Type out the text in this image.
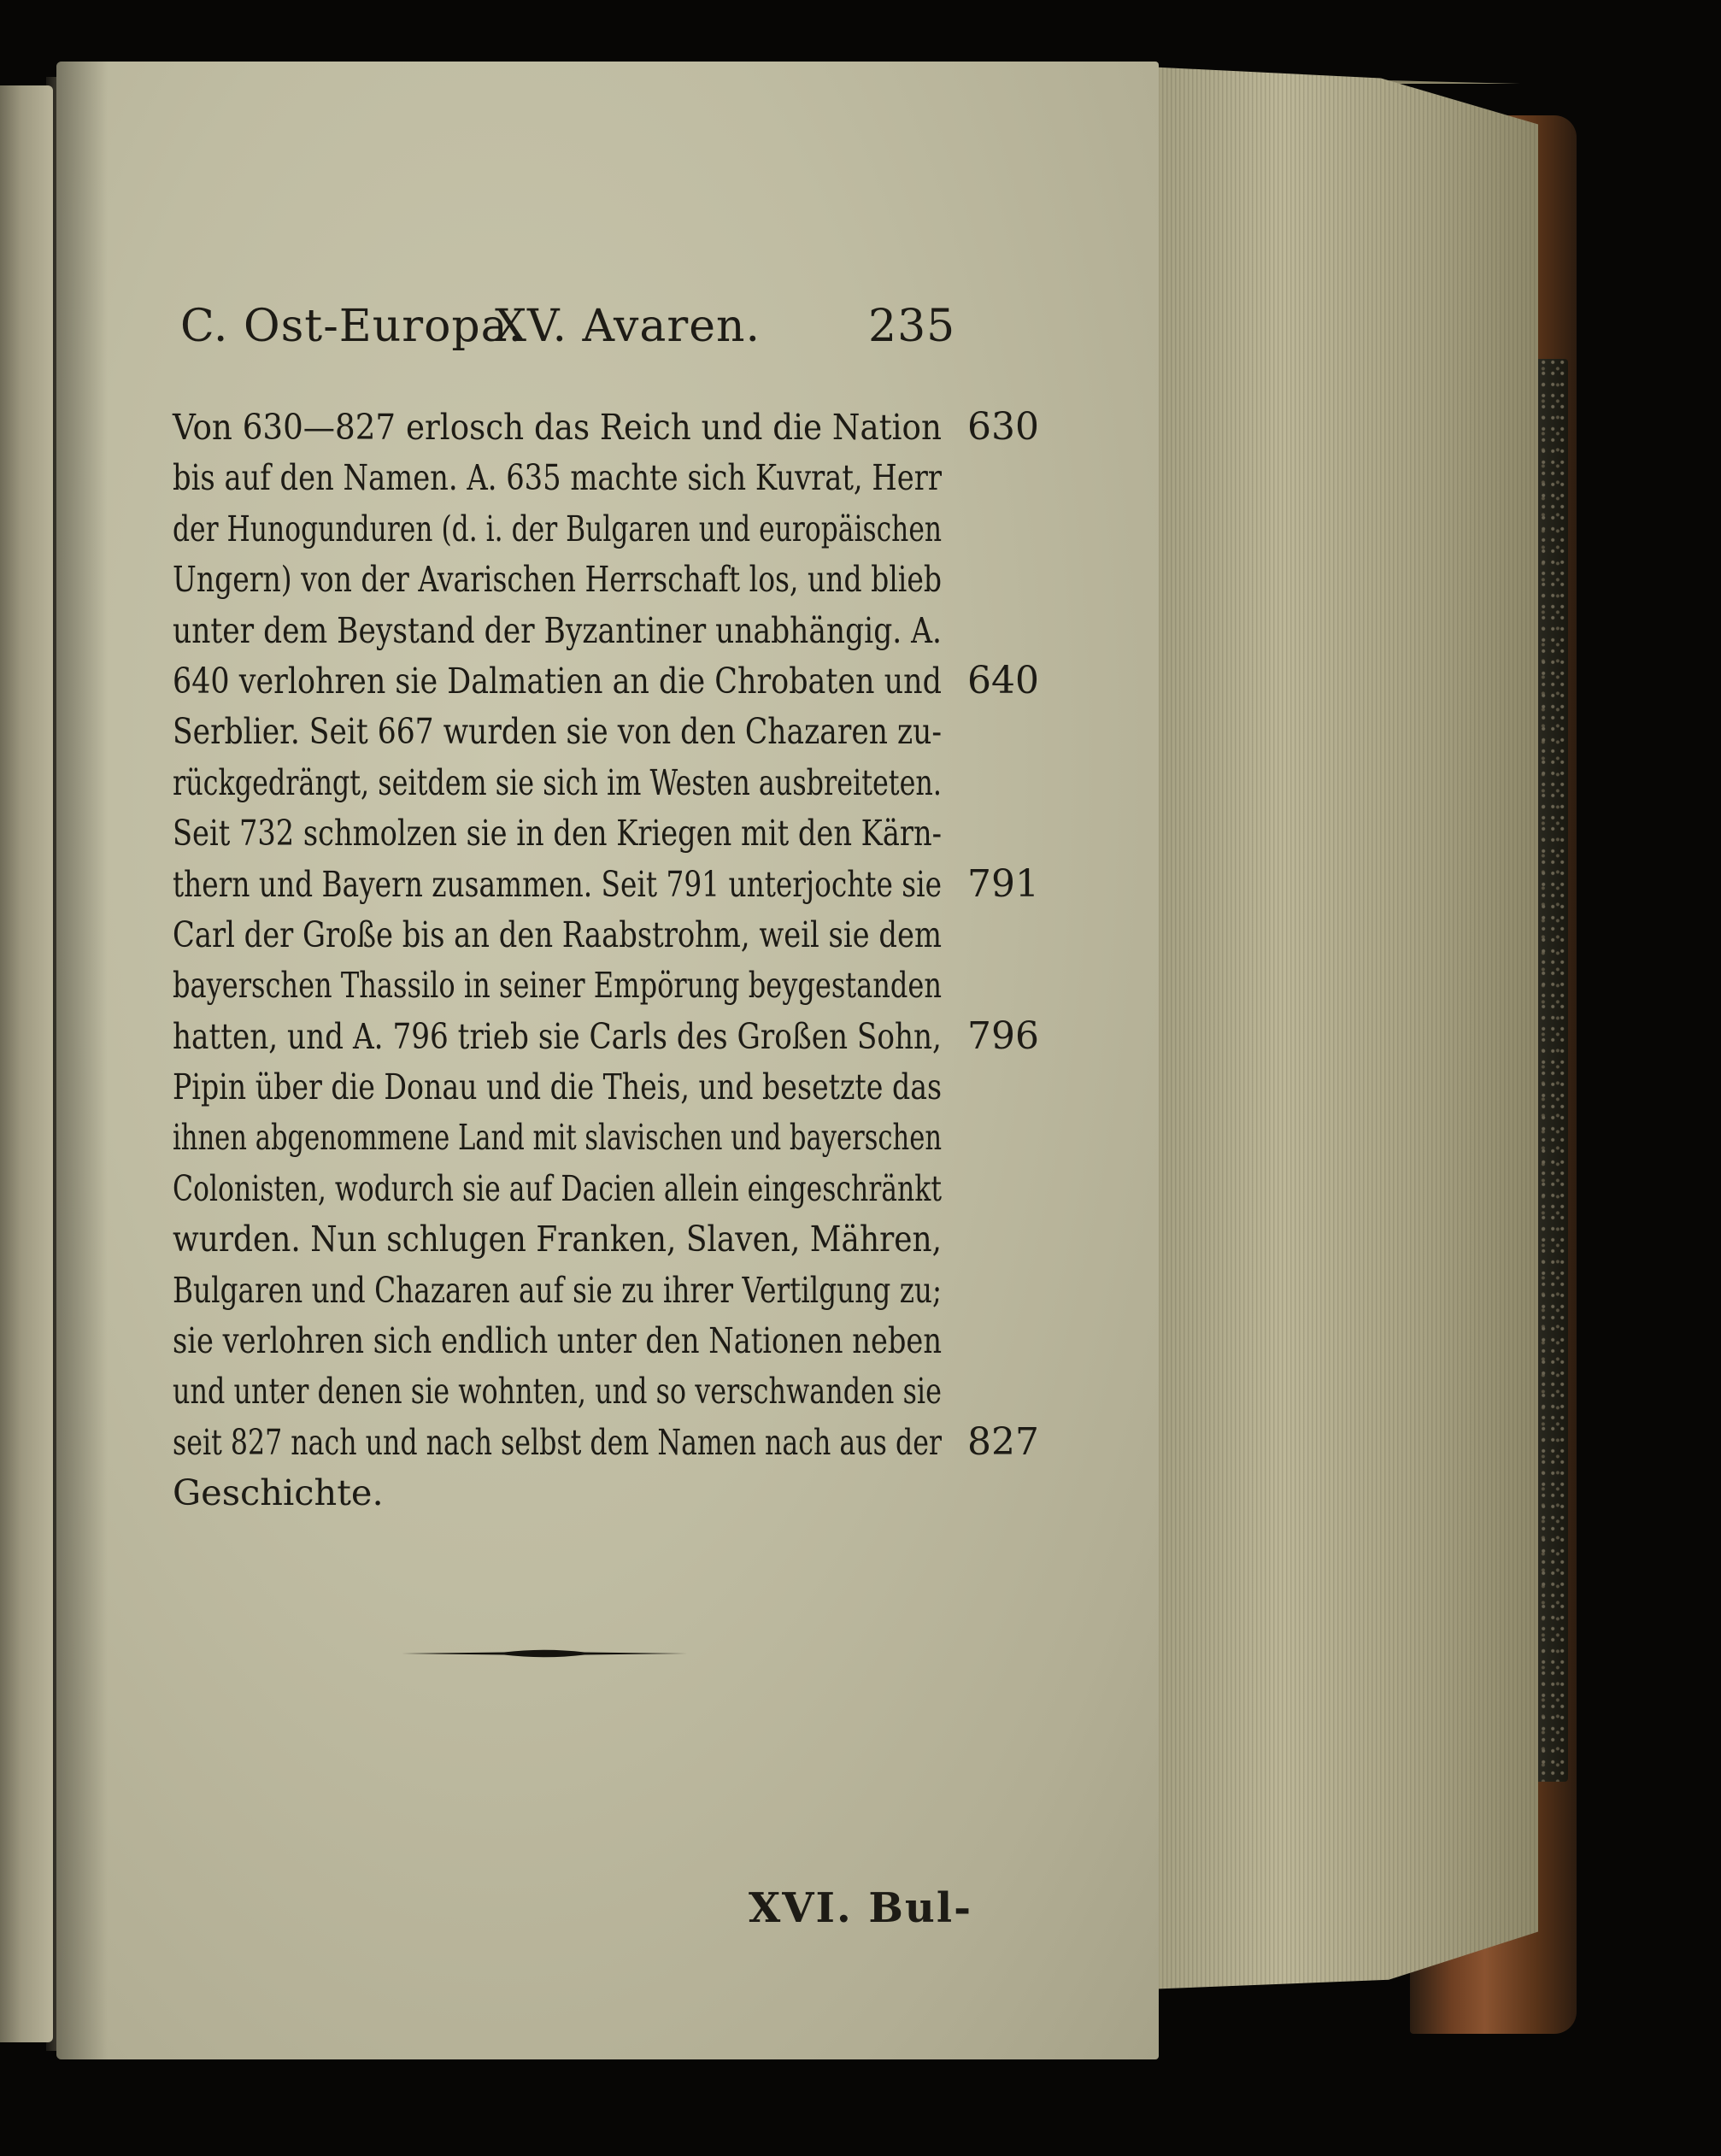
C. Ost-Europa.
XV. Avaren. 235
Von 630—827 erlosch das Reich und die Nation 630
bis auf den Namen. A. 635 machte sich Kuvrat, Herr
der Hunogunduren (d. i. der Bulgaren und europäischen
Ungern) von der Avarischen Herrschaft los, und blieb
unter dem Beystand der Byzantiner unabhängig. A.
640 verlohren sie Dalmatien an die Chrobaten und 640
Serblier. Seit 667 wurden sie von den Chazaren zu-
rückgedrängt, seitdem sie sich im Westen ausbreiteten.
Seit 732 schmolzen sie in den Kriegen mit den Kärn-
thern und Bayern zusammen. Seit 791 unterjochte sie 791
Carl der Große bis an den Raabstrohm, weil sie dem
bayerschen Thassilo in seiner Empörung beygestanden
hatten, und A. 796 trieb sie Carls des Großen Sohn, 796
Pipin über die Donau und die Theis, und besetzte das
ihnen abgenommene Land mit slavischen und bayerschen
Colonisten, wodurch sie auf Dacien allein eingeschränkt
wurden. Nun schlugen Franken, Slaven, Mähren,
Bulgaren und Chazaren auf sie zu ihrer Vertilgung zu;
sie verlohren sich endlich unter den Nationen neben
und unter denen sie wohnten, und so verschwanden sie
seit 827 nach und nach selbst dem Namen nach aus der 827
Geschichte.
XVI. Bul-
